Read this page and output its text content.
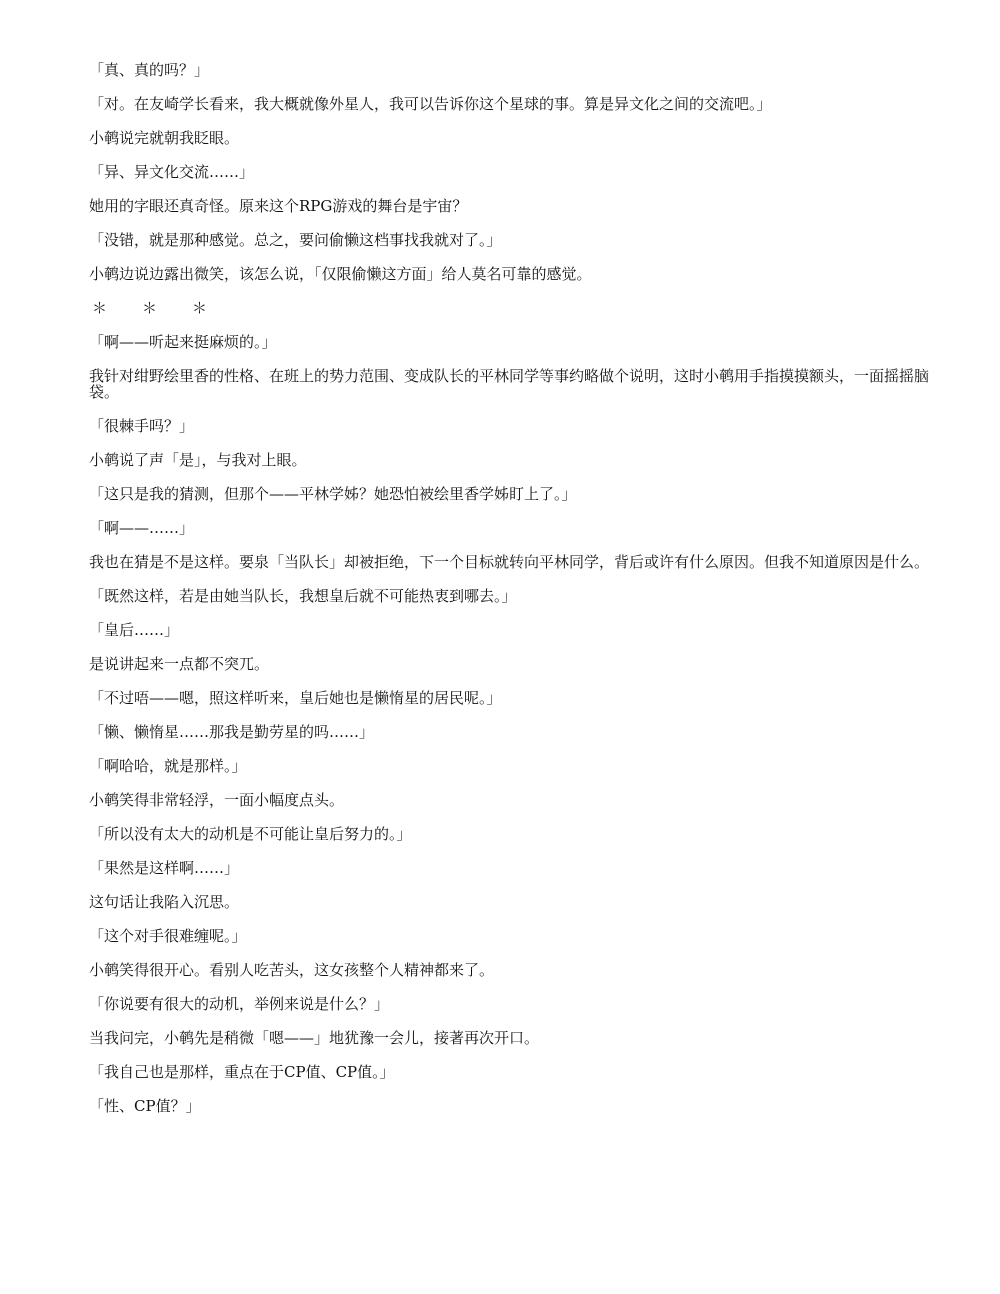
「真、真的吗？」

「对。在友崎学长看来，我大概就像外星人，我可以告诉你这个星球的事。算是异文化之间的交流吧。」

小鹌说完就朝我眨眼。

「异、异文化交流……」

她用的字眼还真奇怪。原来这个RPG游戏的舞台是宇宙？

「没错，就是那种感觉。总之，要问偷懒这档事找我就对了。」

小鹌边说边露出微笑，该怎么说，「仅限偷懒这方面」给人莫名可靠的感觉。

＊　＊　＊

「啊——听起来挺麻烦的。」

我针对绀野绘里香的性格、在班上的势力范围、变成队长的平林同学等事约略做个说明，这时小鹌用手指摸摸额头，一面摇摇脑袋。

「很棘手吗？」

小鹌说了声「是」，与我对上眼。

「这只是我的猜测，但那个——平林学姊？她恐怕被绘里香学姊盯上了。」

「啊——……」

我也在猜是不是这样。要泉「当队长」却被拒绝，下一个目标就转向平林同学，背后或许有什么原因。但我不知道原因是什么。

「既然这样，若是由她当队长，我想皇后就不可能热衷到哪去。」

「皇后……」

是说讲起来一点都不突兀。

「不过唔——嗯，照这样听来，皇后她也是懒惰星的居民呢。」

「懒、懒惰星……那我是勤劳星的吗……」

「啊哈哈，就是那样。」

小鹌笑得非常轻浮，一面小幅度点头。

「所以没有太大的动机是不可能让皇后努力的。」

「果然是这样啊……」

这句话让我陷入沉思。

「这个对手很难缠呢。」

小鹌笑得很开心。看别人吃苦头，这女孩整个人精神都来了。

「你说要有很大的动机，举例来说是什么？」

当我问完，小鹌先是稍微「嗯——」地犹豫一会儿，接著再次开口。

「我自己也是那样，重点在于CP值、CP值。」

「性、CP值？」
